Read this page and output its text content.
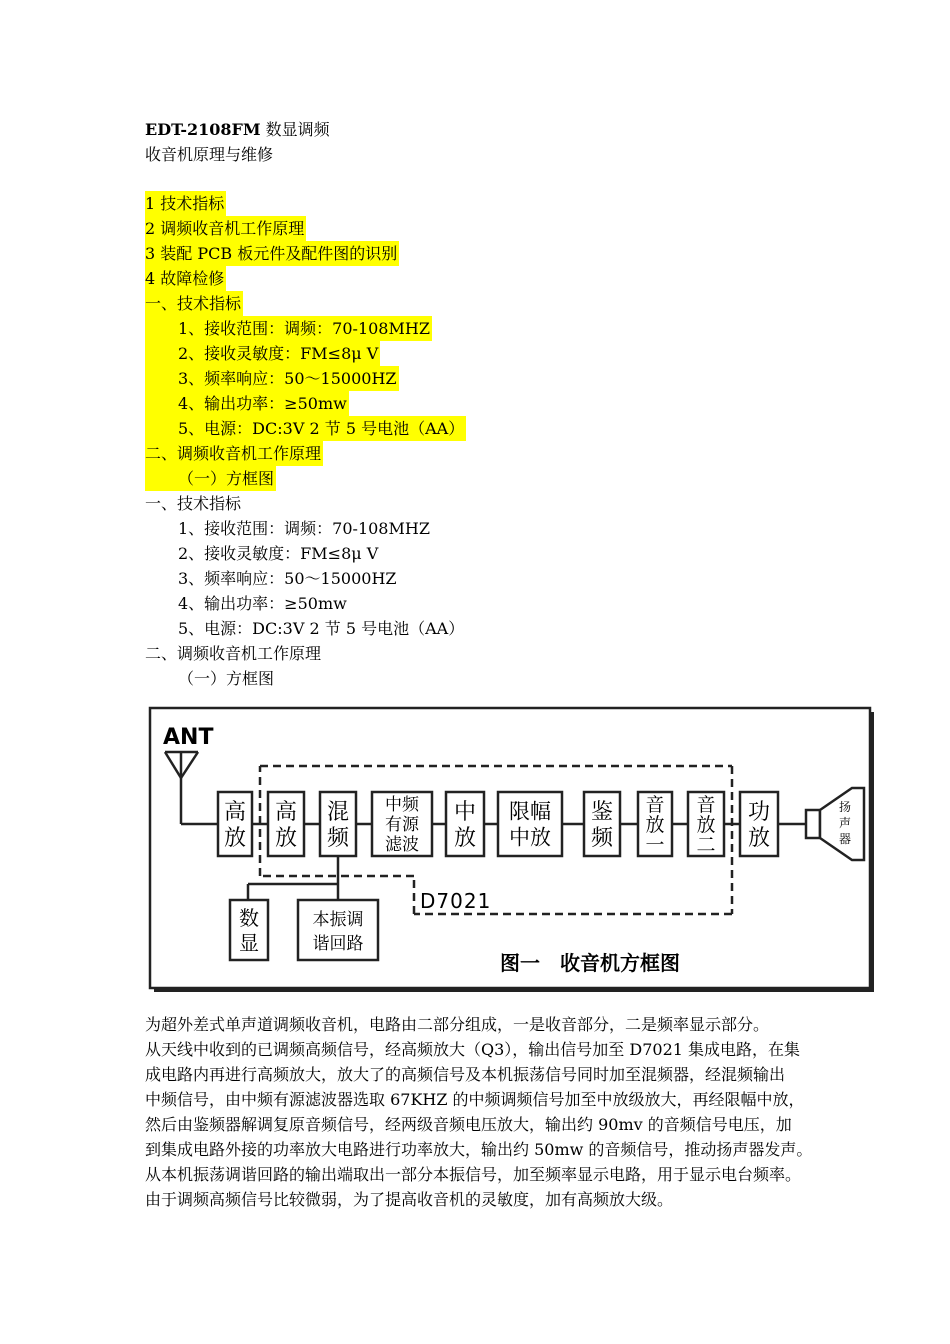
EDT-2108FM 数显调频
收音机原理与维修
1 技术指标
2 调频收音机工作原理
3 装配 PCB 板元件及配件图的识别
4 故障检修
一、技术指标
1、接收范围：调频：70-108MHZ
2、接收灵敏度：FM≤8μ V
3、频率响应：50～15000HZ
4、输出功率：≥50mw
5、电源：DC:3V 2 节 5 号电池（AA）
二、调频收音机工作原理
（一）方框图
一、技术指标
1、接收范围：调频：70-108MHZ
2、接收灵敏度：FM≤8μ V
3、频率响应：50～15000HZ
4、输出功率：≥50mw
5、电源：DC:3V 2 节 5 号电池（AA）
二、调频收音机工作原理
（一）方框图
ANT
D7021
高
放
高
放
混
频
中频
有源
滤波
中
放
限幅
中放
鉴
频
音
放
一
音
放
二
功
放
数
显
本振调
谐回路
扬
声
器
图一　收音机方框图
为超外差式单声道调频收音机，电路由二部分组成，一是收音部分，二是频率显示部分。
从天线中收到的已调频高频信号，经高频放大（Q3），输出信号加至 D7021 集成电路，在集
成电路内再进行高频放大，放大了的高频信号及本机振荡信号同时加至混频器，经混频输出
中频信号，由中频有源滤波器选取 67KHZ 的中频调频信号加至中放级放大，再经限幅中放，
然后由鉴频器解调复原音频信号，经两级音频电压放大，输出约 90mv 的音频信号电压，加
到集成电路外接的功率放大电路进行功率放大，输出约 50mw 的音频信号，推动扬声器发声。
从本机振荡调谐回路的输出端取出一部分本振信号，加至频率显示电路，用于显示电台频率。
由于调频高频信号比较微弱，为了提高收音机的灵敏度，加有高频放大级。
